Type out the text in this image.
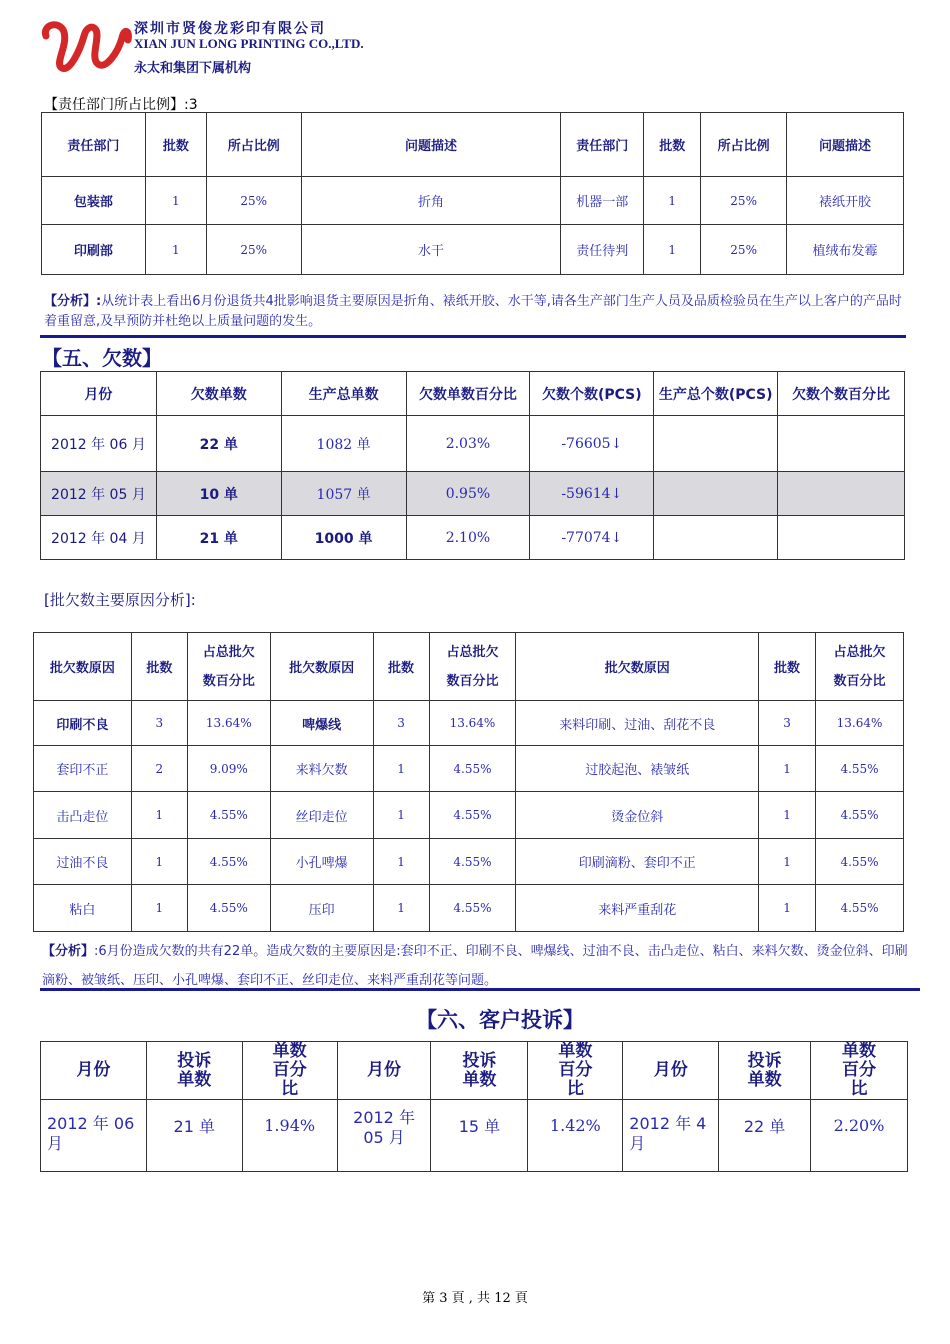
深圳市贤俊龙彩印有限公司
XIAN JUN LONG PRINTING CO.,LTD.
永太和集团下属机构
【责任部门所占比例】:3
责任部门	批数	所占比例	问题描述	责任部门	批数	所占比例	问题描述
包装部	1	25%	折角	机器一部	1	25%	裱纸开胶
印刷部	1	25%	水干	责任待判	1	25%	植绒布发霉
【分析】:从统计表上看出6月份退货共4批影响退货主要原因是折角、裱纸开胶、水干等,请各生产部门生产人员及品质检验员在生产以上客户的产品时着重留意,及早预防并杜绝以上质量问题的发生。
【五、欠数】
月份	欠数单数	生产总单数	欠数单数百分比	欠数个数(PCS)	生产总个数(PCS)	欠数个数百分比
2012 年 06 月	22 单	1082 单	2.03%	-76605↓		
2012 年 05 月	10 单	1057 单	0.95%	-59614↓		
2012 年 04 月	21 单	1000 单	2.10%	-77074↓		
[批欠数主要原因分析]:
批欠数原因	批数	占总批欠数百分比	批欠数原因	批数	占总批欠数百分比	批欠数原因	批数	占总批欠数百分比
印刷不良	3	13.64%	啤爆线	3	13.64%	来料印刷、过油、刮花不良	3	13.64%
套印不正	2	9.09%	来料欠数	1	4.55%	过胶起泡、裱皱纸	1	4.55%
击凸走位	1	4.55%	丝印走位	1	4.55%	烫金位斜	1	4.55%
过油不良	1	4.55%	小孔啤爆	1	4.55%	印刷滴粉、套印不正	1	4.55%
粘白	1	4.55%	压印	1	4.55%	来料严重刮花	1	4.55%
【分析】:6月份造成欠数的共有22单。造成欠数的主要原因是:套印不正、印刷不良、啤爆线、过油不良、击凸走位、粘白、来料欠数、烫金位斜、印刷滴粉、被皱纸、压印、小孔啤爆、套印不正、丝印走位、来料严重刮花等问题。
【六、客户投诉】
月份	投诉单数	单数百分比	月份	投诉单数	单数百分比	月份	投诉单数	单数百分比
2012 年 06 月	21 单	1.94%	2012 年 05 月	15 单	1.42%	2012 年 4 月	22 单	2.20%
第 3 頁 , 共 12 頁
